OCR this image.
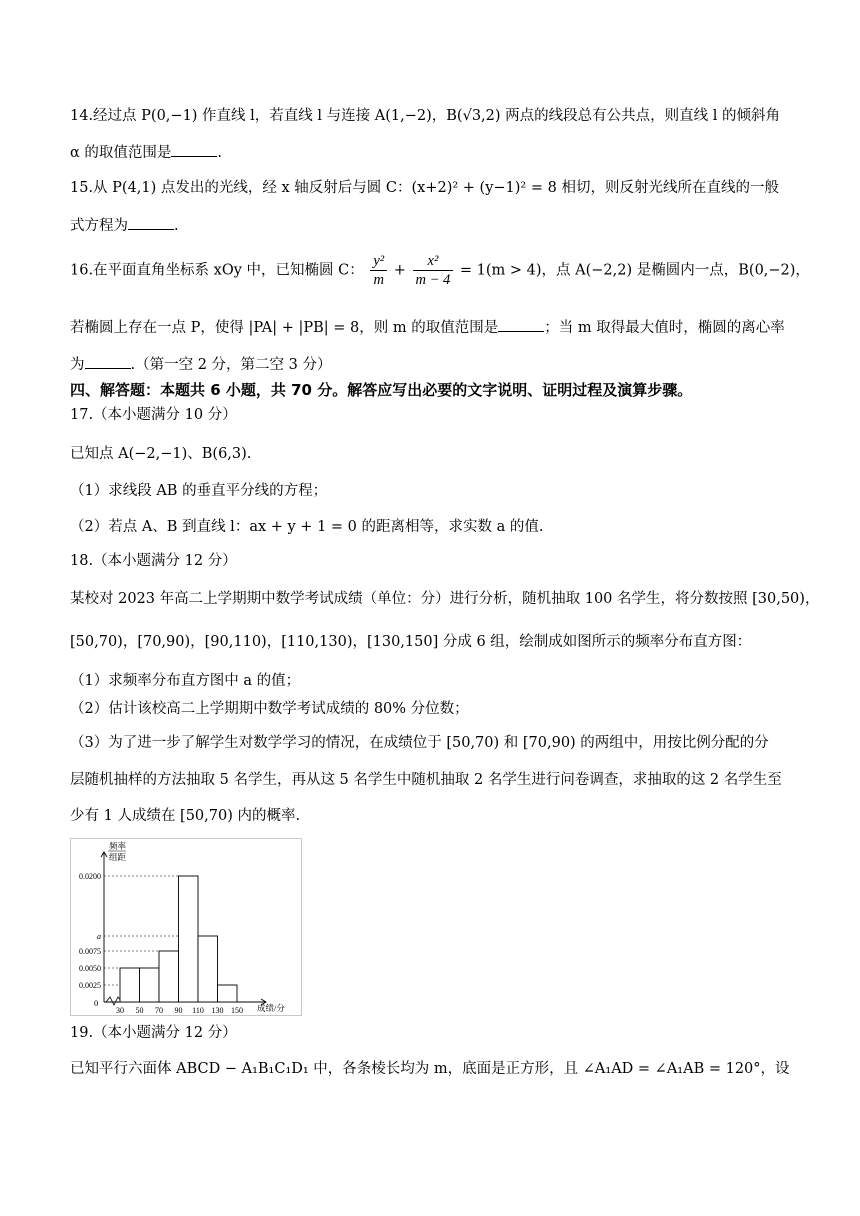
14.经过点 P(0,−1) 作直线 l，若直线 l 与连接 A(1,−2)，B(√3,2) 两点的线段总有公共点，则直线 l 的倾斜角
α 的取值范围是	.
15.从 P(4,1) 点发出的光线，经 x 轴反射后与圆 C：(x+2)² + (y−1)² = 8 相切，则反射光线所在直线的一般
式方程为	.
16.在平面直角坐标系 xOy 中，已知椭圆 C： $\frac{\text{y²}}{m} + \frac{\text{x²}}{m - 4} = 1(m > 4)$，点 A(−2,2) 是椭圆内一点，B(0,−2)，
若椭圆上存在一点 P，使得 |PA| + |PB| = 8，则 m 的取值范围是	；当 m 取得最大值时，椭圆的离心率
为	.（第一空 2 分，第二空 3 分）
四、解答题：本题共 6 小题，共 70 分。解答应写出必要的文字说明、证明过程及演算步骤。
17.（本小题满分 10 分）
已知点 A(−2,−1)、B(6,3).
（1）求线段 AB 的垂直平分线的方程；
（2）若点 A、B 到直线 l：ax + y + 1 = 0 的距离相等，求实数 a 的值.
18.（本小题满分 12 分）
某校对 2023 年高二上学期期中数学考试成绩（单位：分）进行分析，随机抽取 100 名学生，将分数按照 [30,50)，
[50,70)，[70,90)，[90,110)，[110,130)，[130,150] 分成 6 组，绘制成如图所示的频率分布直方图：
（1）求频率分布直方图中 a 的值；
（2）估计该校高二上学期期中数学考试成绩的 80% 分位数；
（3）为了进一步了解学生对数学学习的情况，在成绩位于 [50,70) 和 [70,90) 的两组中，用按比例分配的分
层随机抽样的方法抽取 5 名学生，再从这 5 名学生中随机抽取 2 名学生进行问卷调查，求抽取的这 2 名学生至
少有 1 人成绩在 [50,70) 内的概率.
频率
组距
成绩/分
0
0.0200
a
0.0075
0.0050
0.0025
30 50 70 90 110 130 150
19.（本小题满分 12 分）
已知平行六面体 ABCD − A₁B₁C₁D₁ 中，各条棱长均为 m，底面是正方形，且 ∠A₁AD = ∠A₁AB = 120°，设
